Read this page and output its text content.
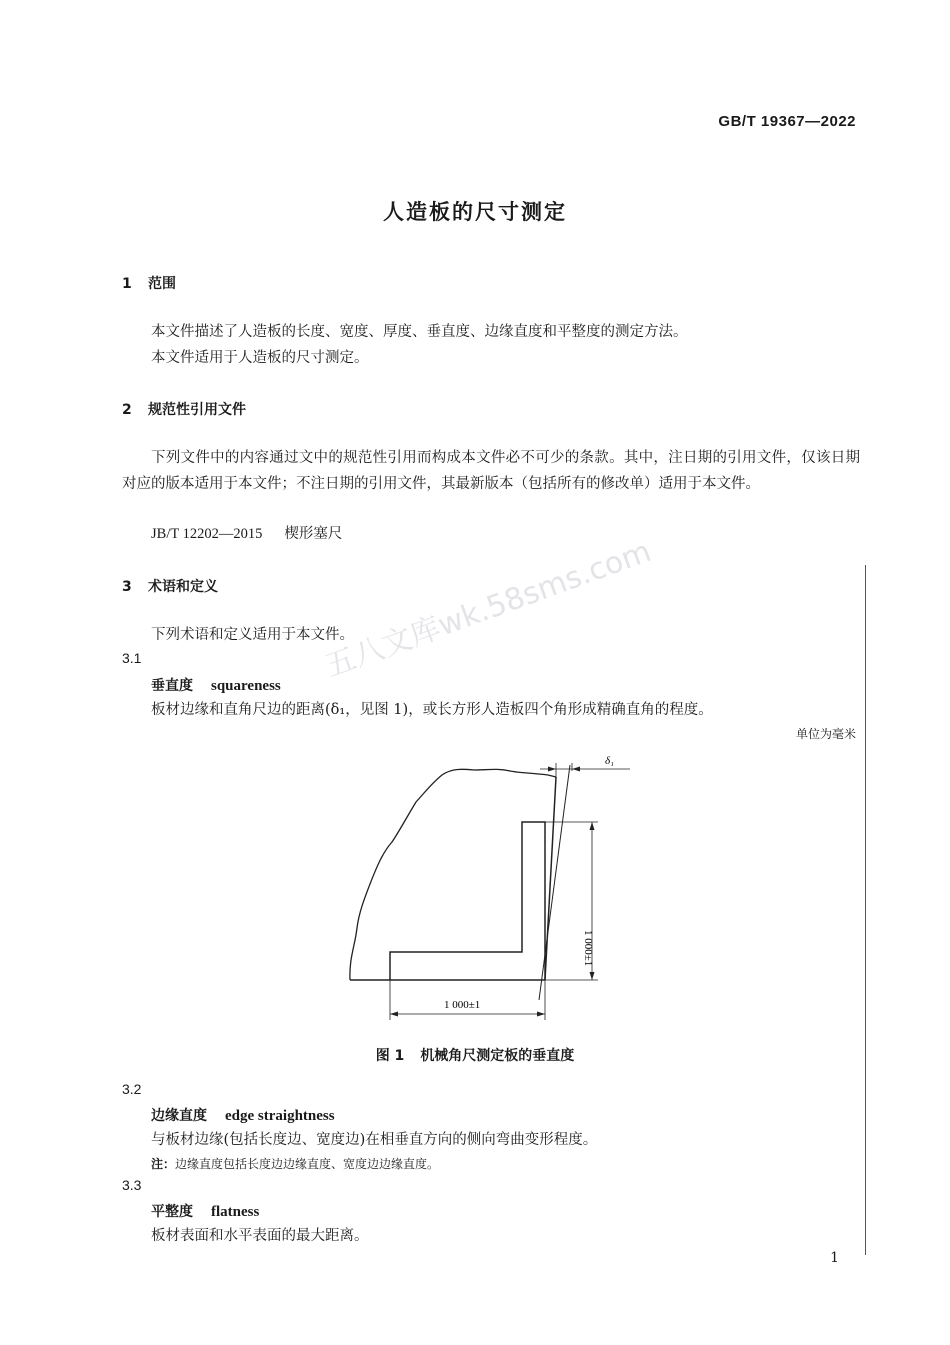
GB/T 19367—2022
人造板的尺寸测定
1 范围
本文件描述了人造板的长度、宽度、厚度、垂直度、边缘直度和平整度的测定方法。
本文件适用于人造板的尺寸测定。
2 规范性引用文件
下列文件中的内容通过文中的规范性引用而构成本文件必不可少的条款。其中，注日期的引用文件，仅该日期对应的版本适用于本文件；不注日期的引用文件，其最新版本（包括所有的修改单）适用于本文件。
JB/T 12202—2015 楔形塞尺
3 术语和定义
下列术语和定义适用于本文件。
3.1
垂直度 squareness
板材边缘和直角尺边的距离(δ₁，见图 1)，或长方形人造板四个角形成精确直角的程度。
单位为毫米
δ₁
1 000±1
1 000±1
图 1 机械角尺测定板的垂直度
3.2
边缘直度 edge straightness
与板材边缘(包括长度边、宽度边)在相垂直方向的侧向弯曲变形程度。
注：边缘直度包括长度边边缘直度、宽度边边缘直度。
3.3
平整度 flatness
板材表面和水平表面的最大距离。
五八文库wk.58sms.com
1
